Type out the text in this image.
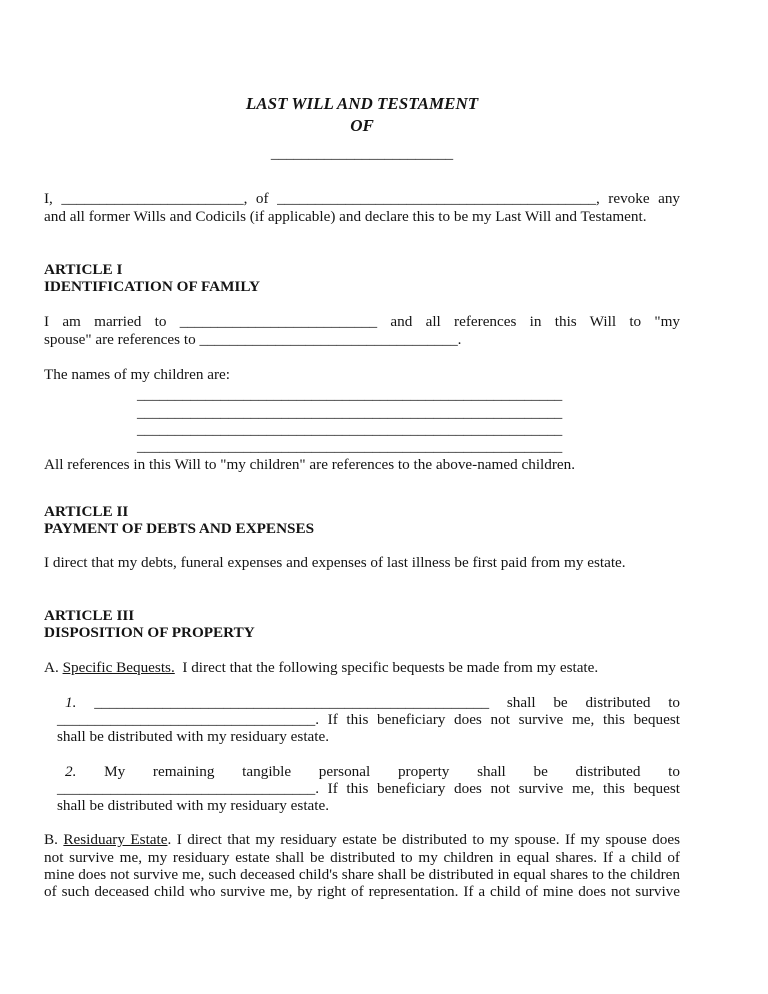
LAST WILL AND TESTAMENT
OF
________________________
I, ________________________, of __________________________________________, revoke any
and all former Wills and Codicils (if applicable) and declare this to be my Last Will and Testament.
ARTICLE I
IDENTIFICATION OF FAMILY
I am married to __________________________ and all references in this Will to "my
spouse" are references to __________________________________.
The names of my children are:
________________________________________________________
________________________________________________________
________________________________________________________
________________________________________________________
All references in this Will to "my children" are references to the above-named children.
ARTICLE II
PAYMENT OF DEBTS AND EXPENSES
I direct that my debts, funeral expenses and expenses of last illness be first paid from my estate.
ARTICLE III
DISPOSITION OF PROPERTY
A. Specific Bequests.  I direct that the following specific bequests be made from my estate.
1. ____________________________________________________ shall be distributed to
__________________________________. If this beneficiary does not survive me, this bequest
shall be distributed with my residuary estate.
2. My remaining tangible personal property shall be distributed to
__________________________________. If this beneficiary does not survive me, this bequest
shall be distributed with my residuary estate.
B. Residuary Estate. I direct that my residuary estate be distributed to my spouse. If my spouse does
not survive me, my residuary estate shall be distributed to my children in equal shares. If a child of
mine does not survive me, such deceased child's share shall be distributed in equal shares to the children
of such deceased child who survive me, by right of representation. If a child of mine does not survive
